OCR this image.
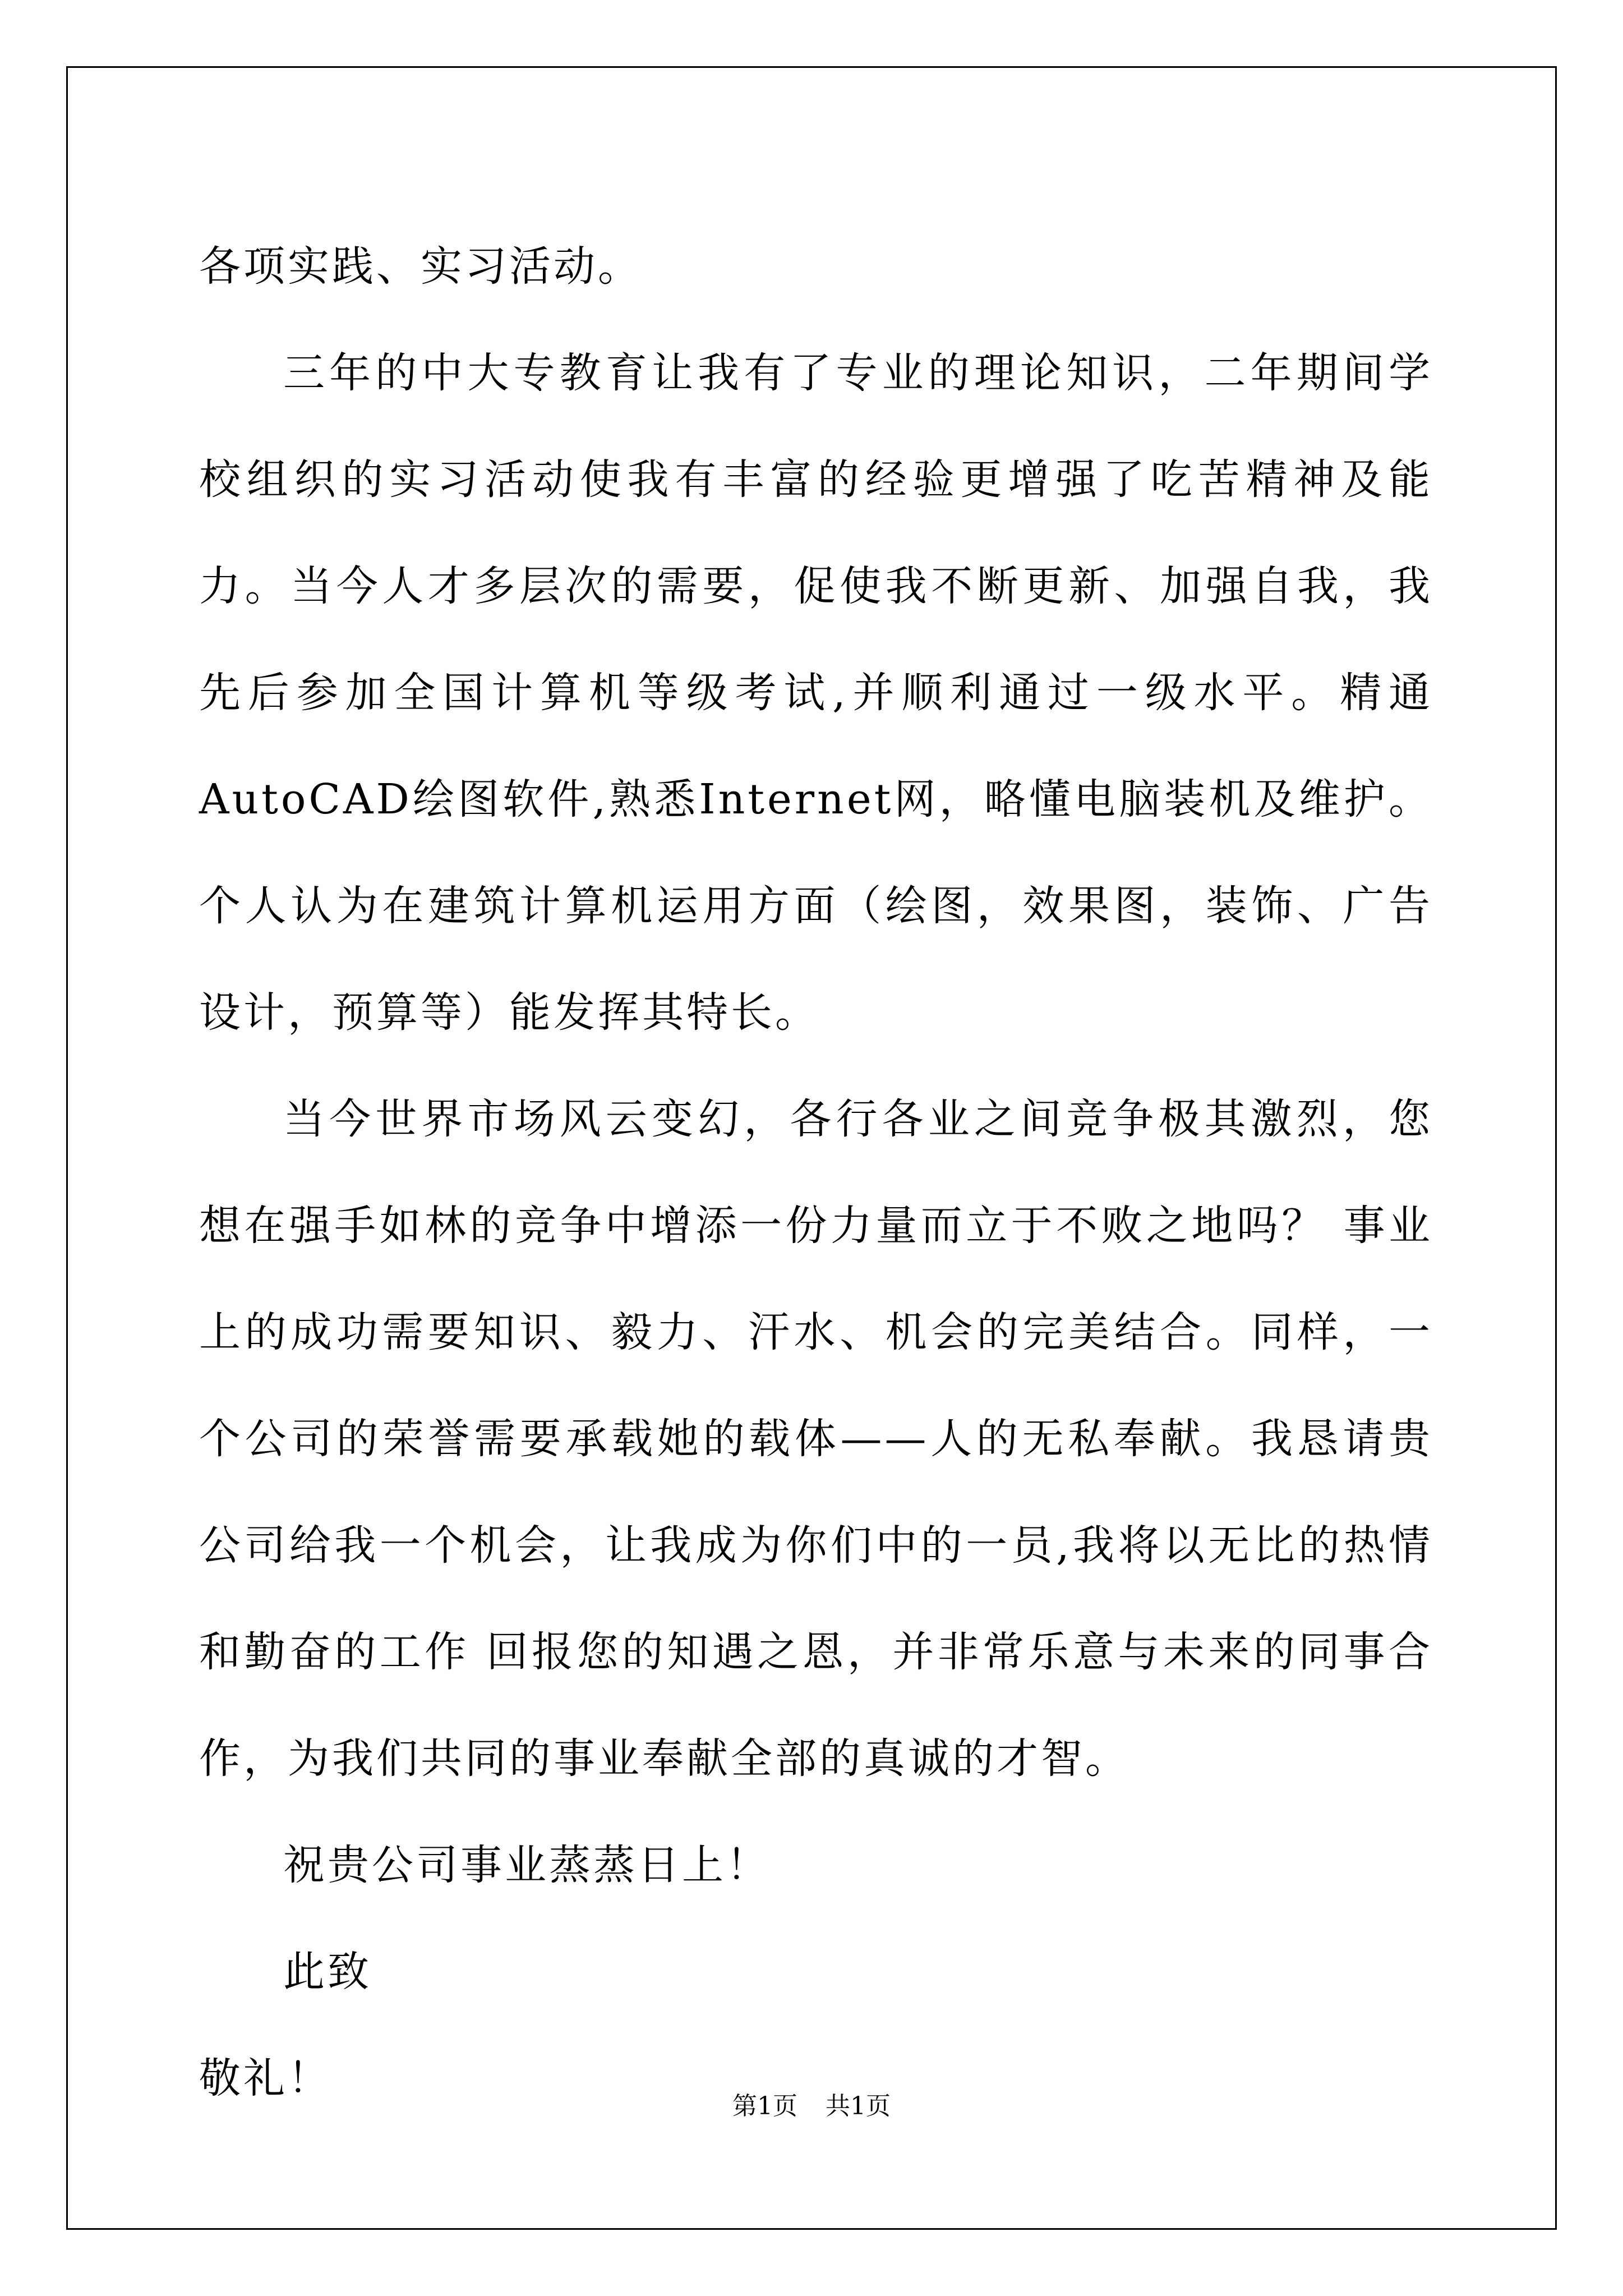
各项实践、实习活动。

三年的中大专教育让我有了专业的理论知识，二年期间学校组织的实习活动使我有丰富的经验更增强了吃苦精神及能力。当今人才多层次的需要，促使我不断更新、加强自我，我先后参加全国计算机等级考试,并顺利通过一级水平。精通AutoCAD绘图软件,熟悉Internet网，略懂电脑装机及维护。个人认为在建筑计算机运用方面（绘图，效果图，装饰、广告设计，预算等）能发挥其特长。

当今世界市场风云变幻，各行各业之间竞争极其激烈，您想在强手如林的竞争中增添一份力量而立于不败之地吗？ 事业上的成功需要知识、毅力、汗水、机会的完美结合。同样，一个公司的荣誉需要承载她的载体——人的无私奉献。我恳请贵公司给我一个机会，让我成为你们中的一员,我将以无比的热情和勤奋的工作 回报您的知遇之恩，并非常乐意与未来的同事合作，为我们共同的事业奉献全部的真诚的才智。

祝贵公司事业蒸蒸日上！

此致

敬礼！

第1页 共1页
